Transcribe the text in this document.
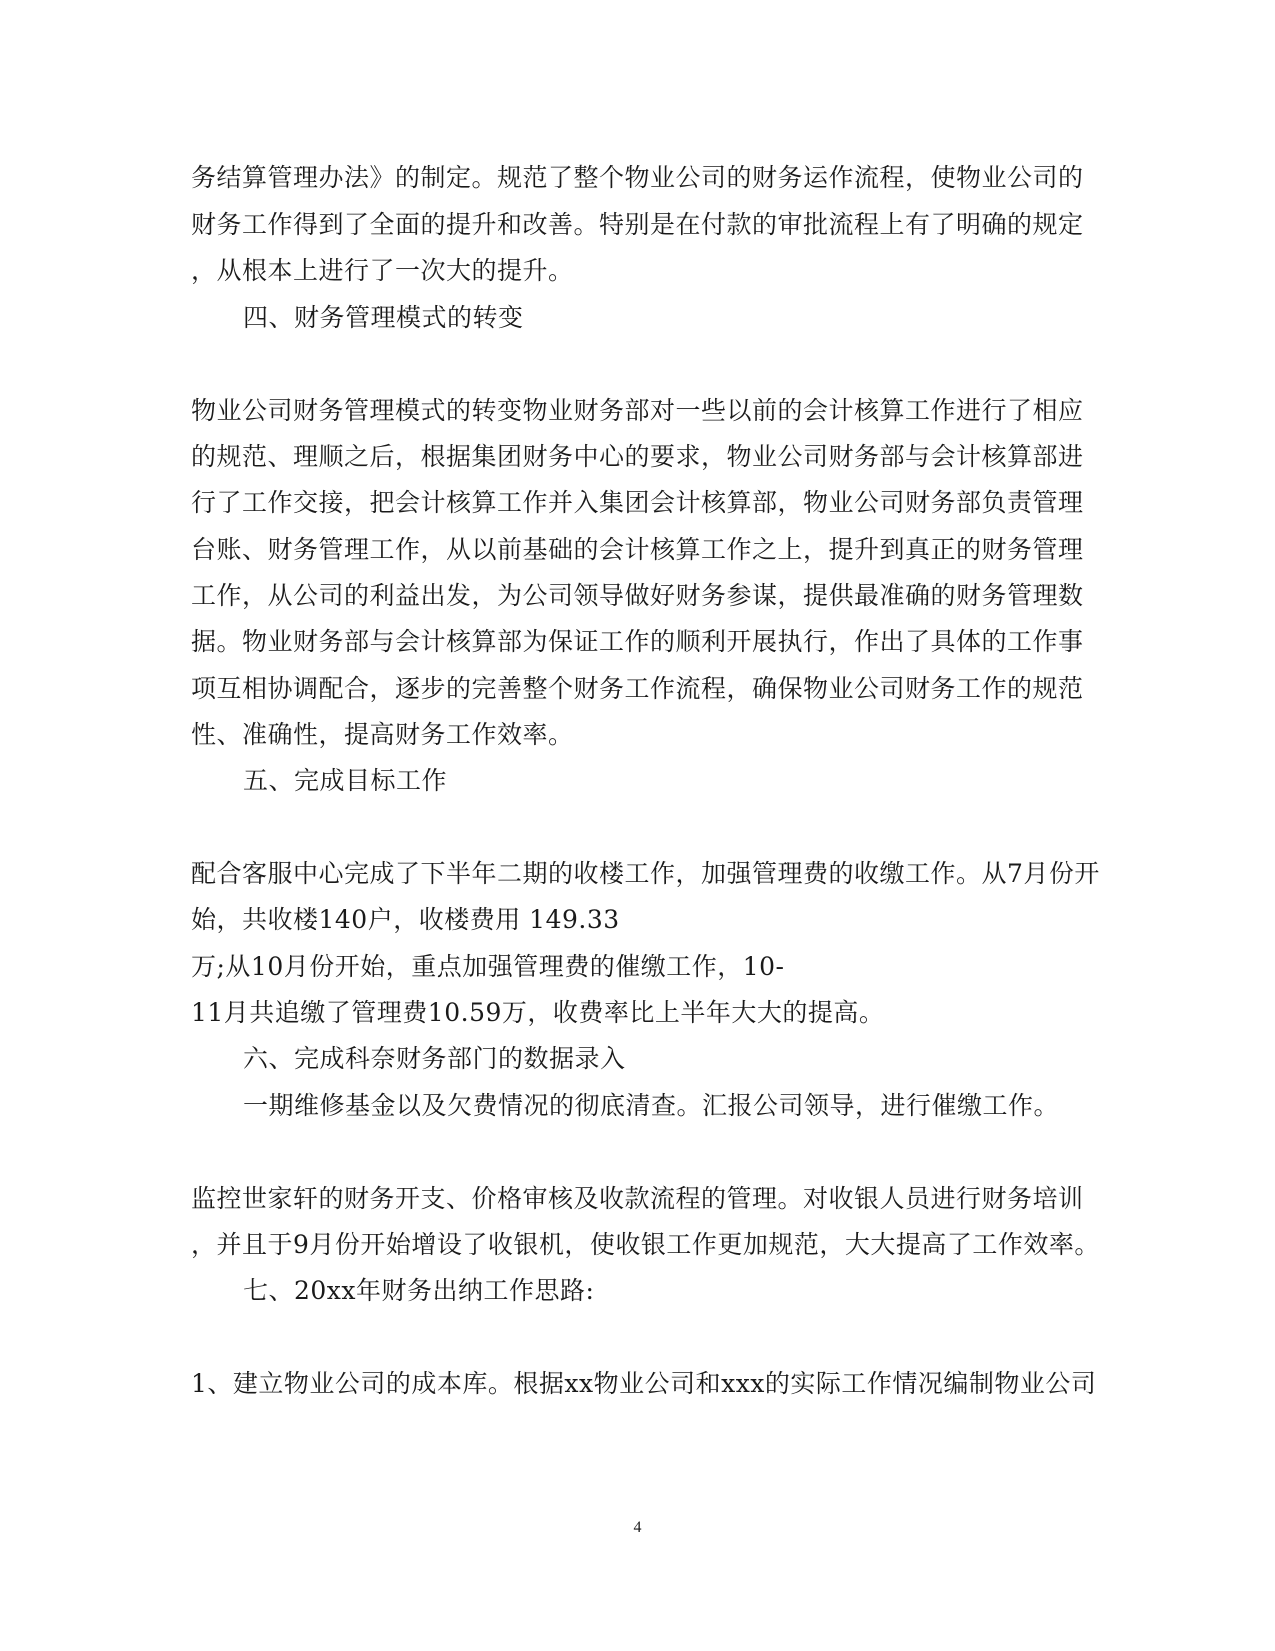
务结算管理办法》的制定。规范了整个物业公司的财务运作流程，使物业公司的
财务工作得到了全面的提升和改善。特别是在付款的审批流程上有了明确的规定
，从根本上进行了一次大的提升。
四、财务管理模式的转变
物业公司财务管理模式的转变物业财务部对一些以前的会计核算工作进行了相应
的规范、理顺之后，根据集团财务中心的要求，物业公司财务部与会计核算部进
行了工作交接，把会计核算工作并入集团会计核算部，物业公司财务部负责管理
台账、财务管理工作，从以前基础的会计核算工作之上，提升到真正的财务管理
工作，从公司的利益出发，为公司领导做好财务参谋，提供最准确的财务管理数
据。物业财务部与会计核算部为保证工作的顺利开展执行，作出了具体的工作事
项互相协调配合，逐步的完善整个财务工作流程，确保物业公司财务工作的规范
性、准确性，提高财务工作效率。
五、完成目标工作
配合客服中心完成了下半年二期的收楼工作，加强管理费的收缴工作。从7月份开
始，共收楼140户，收楼费用 149.33
万;从10月份开始，重点加强管理费的催缴工作，10-
11月共追缴了管理费10.59万，收费率比上半年大大的提高。
六、完成科奈财务部门的数据录入
一期维修基金以及欠费情况的彻底清查。汇报公司领导，进行催缴工作。
监控世家轩的财务开支、价格审核及收款流程的管理。对收银人员进行财务培训
，并且于9月份开始增设了收银机，使收银工作更加规范，大大提高了工作效率。
七、20xx年财务出纳工作思路:
1、建立物业公司的成本库。根据xx物业公司和xxx的实际工作情况编制物业公司
4
